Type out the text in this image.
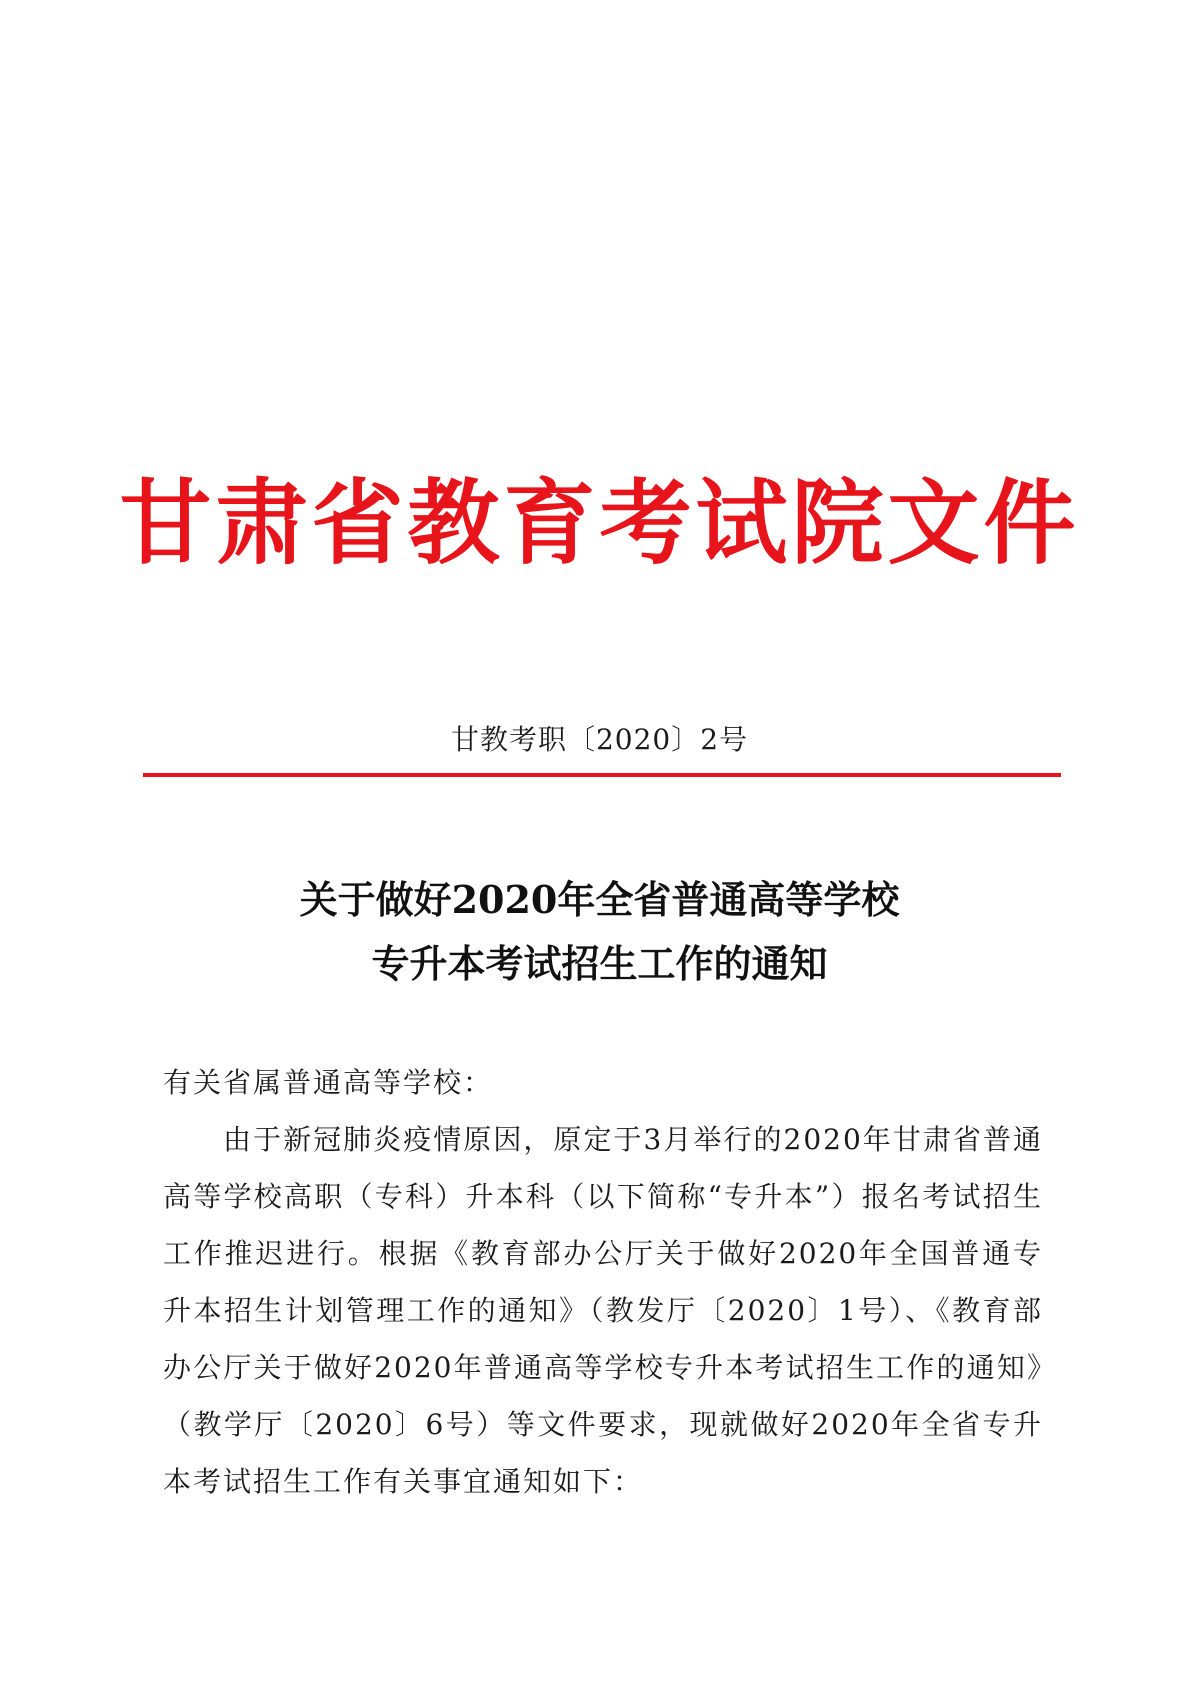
甘肃省教育考试院文件
甘教考职〔2020〕2号
关于做好2020年全省普通高等学校
专升本考试招生工作的通知

有关省属普通高等学校：

由于新冠肺炎疫情原因，原定于3月举行的2020年甘肃省普通高等学校高职（专科）升本科（以下简称“专升本”）报名考试招生工作推迟进行。根据《教育部办公厅关于做好2020年全国普通专升本招生计划管理工作的通知》（教发厅〔2020〕1号）、《教育部办公厅关于做好2020年普通高等学校专升本考试招生工作的通知》（教学厅〔2020〕6号）等文件要求，现就做好2020年全省专升本考试招生工作有关事宜通知如下：
